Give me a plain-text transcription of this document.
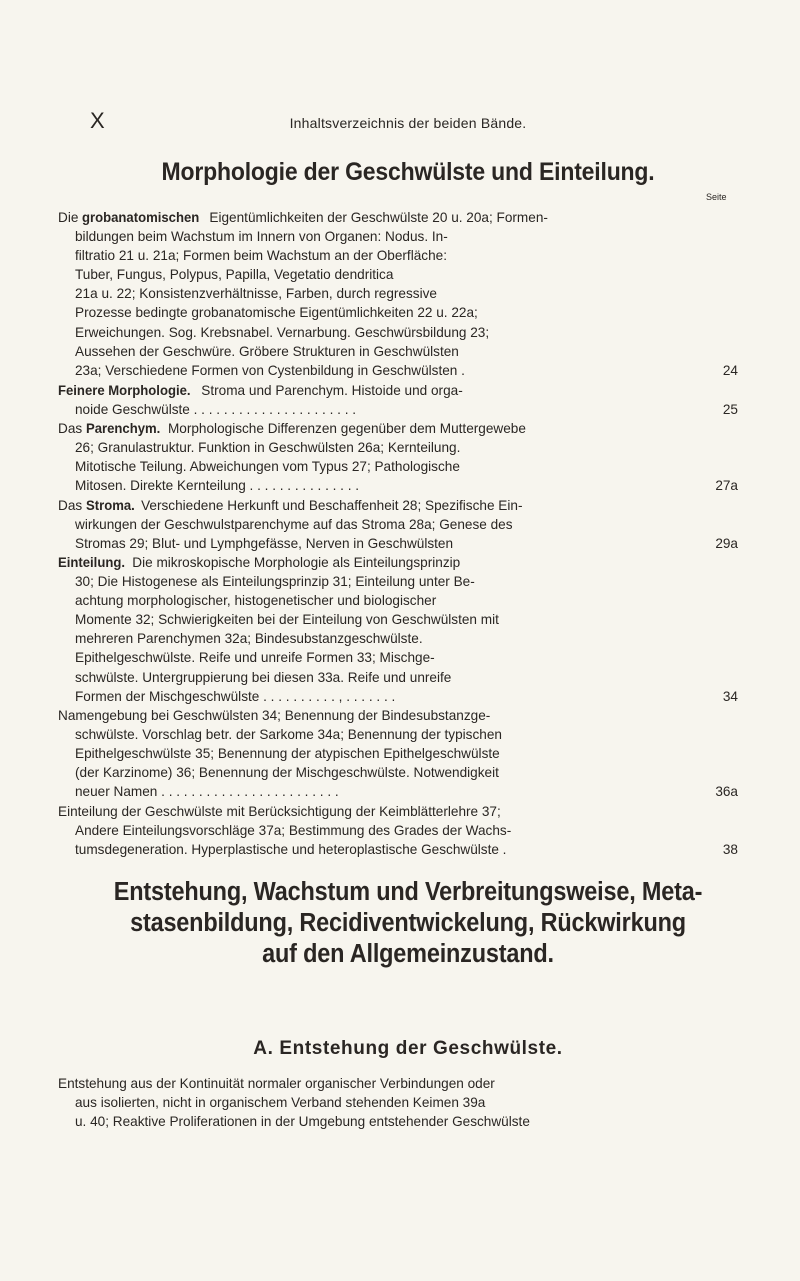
X	Inhaltsverzeichnis der beiden Bände.
Morphologie der Geschwülste und Einteilung.
Seite
Die grobanatomischen Eigentümlichkeiten der Geschwülste 20 u. 20a; Formen-
bildungen beim Wachstum im Innern von Organen: Nodus. In-
filtratio 21 u. 21a; Formen beim Wachstum an der Oberfläche:
Tuber, Fungus, Polypus, Papilla, Vegetatio dendritica
21a u. 22; Konsistenzverhältnisse, Farben, durch regressive
Prozesse bedingte grobanatomische Eigentümlichkeiten 22 u. 22a;
Erweichungen. Sog. Krebsnabel. Vernarbung. Geschwürsbildung 23;
Aussehen der Geschwüre. Gröbere Strukturen in Geschwülsten
23a; Verschiedene Formen von Cystenbildung in Geschwülsten .	24
Feinere Morphologie. Stroma und Parenchym. Histoide und orga-
noide Geschwülste . . . . . . . . . . . . . . . . . . . . . .	25
Das Parenchym. Morphologische Differenzen gegenüber dem Muttergewebe
26; Granulastruktur. Funktion in Geschwülsten 26a; Kernteilung.
Mitotische Teilung. Abweichungen vom Typus 27; Pathologische
Mitosen. Direkte Kernteilung . . . . . . . . . . . . . . .	27a
Das Stroma. Verschiedene Herkunft und Beschaffenheit 28; Spezifische Ein-
wirkungen der Geschwulstparenchyme auf das Stroma 28a; Genese des
Stromas 29; Blut- und Lymphgefässe, Nerven in Geschwülsten	29a
Einteilung. Die mikroskopische Morphologie als Einteilungsprinzip
30; Die Histogenese als Einteilungsprinzip 31; Einteilung unter Be-
achtung morphologischer, histogenetischer und biologischer
Momente 32; Schwierigkeiten bei der Einteilung von Geschwülsten mit
mehreren Parenchymen 32a; Bindesubstanzgeschwülste.
Epithelgeschwülste. Reife und unreife Formen 33; Mischge-
schwülste. Untergruppierung bei diesen 33a. Reife und unreife
Formen der Mischgeschwülste . . . . . . . . . . , . . . . . . .	34
Namengebung bei Geschwülsten 34; Benennung der Bindesubstanzge-
schwülste. Vorschlag betr. der Sarkome 34a; Benennung der typischen
Epithelgeschwülste 35; Benennung der atypischen Epithelgeschwülste
(der Karzinome) 36; Benennung der Mischgeschwülste. Notwendigkeit
neuer Namen . . . . . . . . . . . . . . . . . . . . . . . .	36a
Einteilung der Geschwülste mit Berücksichtigung der Keimblätterlehre 37;
Andere Einteilungsvorschläge 37a; Bestimmung des Grades der Wachs-
tumsdegeneration. Hyperplastische und heteroplastische Geschwülste .	38
Entstehung, Wachstum und Verbreitungsweise, Meta-
stasenbildung, Recidiventwickelung, Rückwirkung
auf den Allgemeinzustand.
A. Entstehung der Geschwülste.
Entstehung aus der Kontinuität normaler organischer Verbindungen oder
aus isolierten, nicht in organischem Verband stehenden Keimen 39a
u. 40; Reaktive Proliferationen in der Umgebung entstehender Geschwülste
